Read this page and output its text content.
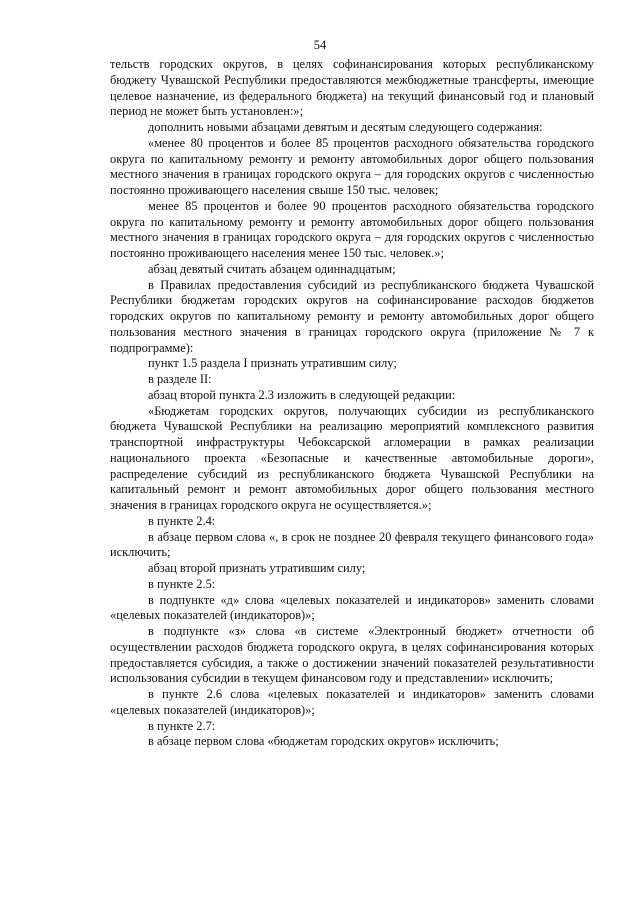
54

тельств городских округов, в целях софинансирования которых республиканскому бюджету Чувашской Республики предоставляются межбюджетные трансферты, имеющие целевое назначение, из федерального бюджета) на текущий финансовый год и плановый период не может быть установлен:»;

дополнить новыми абзацами девятым и десятым следующего содержания:

«менее 80 процентов и более 85 процентов расходного обязательства городского округа по капитальному ремонту и ремонту автомобильных дорог общего пользования местного значения в границах городского округа – для городских округов с численностью постоянно проживающего населения свыше 150 тыс. человек;

менее 85 процентов и более 90 процентов расходного обязательства городского округа по капитальному ремонту и ремонту автомобильных дорог общего пользования местного значения в границах городского округа – для городских округов с численностью постоянно проживающего населения менее 150 тыс. человек.»;

абзац девятый считать абзацем одиннадцатым;

в Правилах предоставления субсидий из республиканского бюджета Чувашской Республики бюджетам городских округов на софинансирование расходов бюджетов городских округов по капитальному ремонту и ремонту автомобильных дорог общего пользования местного значения в границах городского округа (приложение № 7 к подпрограмме):

пункт 1.5 раздела I признать утратившим силу;

в разделе II:

абзац второй пункта 2.3 изложить в следующей редакции:

«Бюджетам городских округов, получающих субсидии из республиканского бюджета Чувашской Республики на реализацию мероприятий комплексного развития транспортной инфраструктуры Чебоксарской агломерации в рамках реализации национального проекта «Безопасные и качественные автомобильные дороги», распределение субсидий из республиканского бюджета Чувашской Республики на капитальный ремонт и ремонт автомобильных дорог общего пользования местного значения в границах городского округа не осуществляется.»;

в пункте 2.4:

в абзаце первом слова «, в срок не позднее 20 февраля текущего финансового года» исключить;

абзац второй признать утратившим силу;

в пункте 2.5:

в подпункте «д» слова «целевых показателей и индикаторов» заменить словами «целевых показателей (индикаторов)»;

в подпункте «з» слова «в системе «Электронный бюджет» отчетности об осуществлении расходов бюджета городского округа, в целях софинансирования которых предоставляется субсидия, а также о достижении значений показателей результативности использования субсидии в текущем финансовом году и представлении» исключить;

в пункте 2.6 слова «целевых показателей и индикаторов» заменить словами «целевых показателей (индикаторов)»;

в пункте 2.7:

в абзаце первом слова «бюджетам городских округов» исключить;
